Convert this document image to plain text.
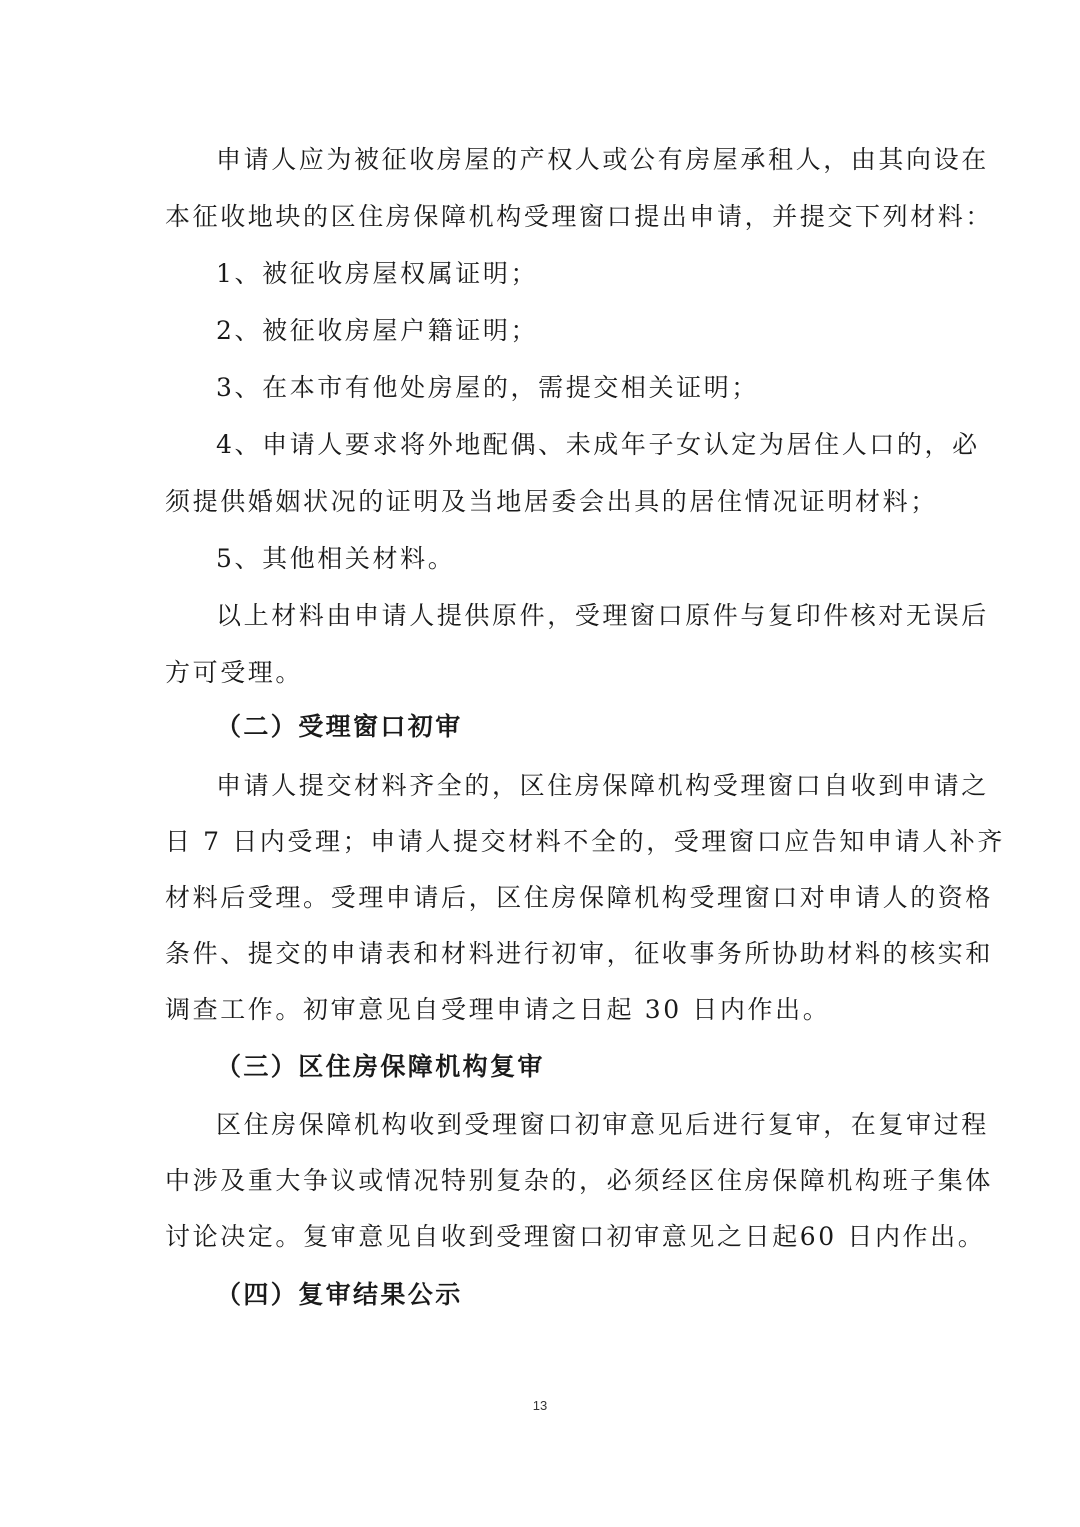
申请人应为被征收房屋的产权人或公有房屋承租人，由其向设在
本征收地块的区住房保障机构受理窗口提出申请，并提交下列材料：
1、被征收房屋权属证明；
2、被征收房屋户籍证明；
3、在本市有他处房屋的，需提交相关证明；
4、申请人要求将外地配偶、未成年子女认定为居住人口的，必
须提供婚姻状况的证明及当地居委会出具的居住情况证明材料；
5、其他相关材料。
以上材料由申请人提供原件，受理窗口原件与复印件核对无误后
方可受理。
（二）受理窗口初审
申请人提交材料齐全的，区住房保障机构受理窗口自收到申请之
日 7 日内受理；申请人提交材料不全的，受理窗口应告知申请人补齐
材料后受理。受理申请后，区住房保障机构受理窗口对申请人的资格
条件、提交的申请表和材料进行初审，征收事务所协助材料的核实和
调查工作。初审意见自受理申请之日起 30 日内作出。
（三）区住房保障机构复审
区住房保障机构收到受理窗口初审意见后进行复审，在复审过程
中涉及重大争议或情况特别复杂的，必须经区住房保障机构班子集体
讨论决定。复审意见自收到受理窗口初审意见之日起60 日内作出。
（四）复审结果公示
13
